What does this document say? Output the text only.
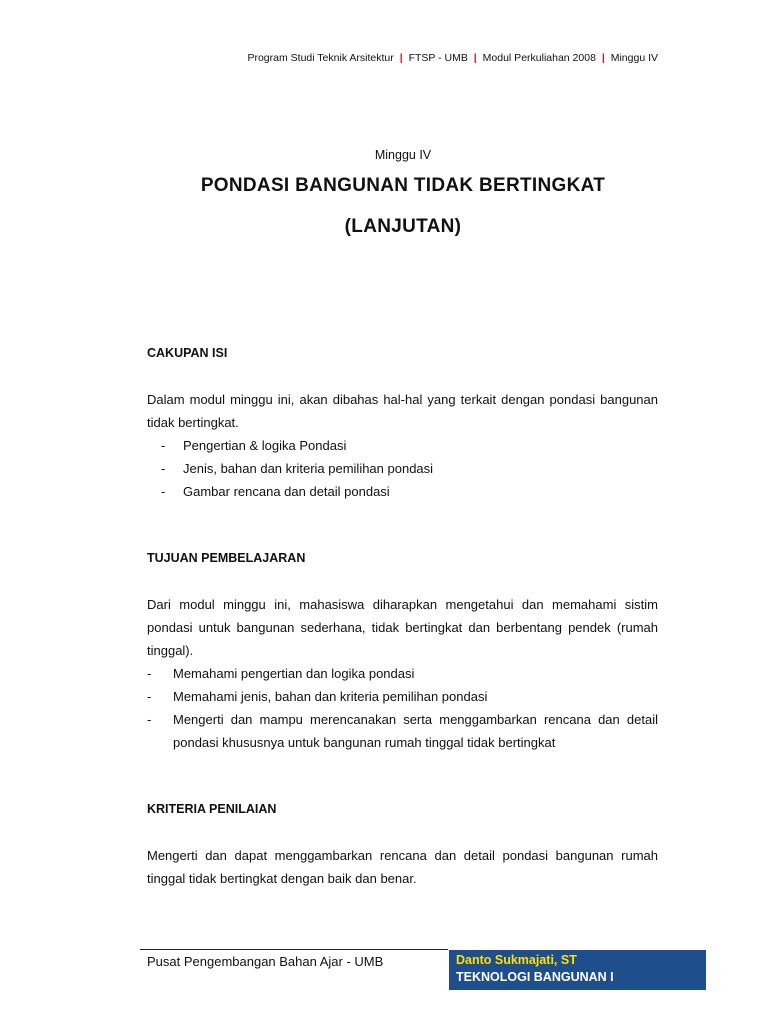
Program Studi Teknik Arsitektur | FTSP - UMB | Modul Perkuliahan 2008 | Minggu IV
Minggu IV
PONDASI BANGUNAN TIDAK BERTINGKAT
(LANJUTAN)
CAKUPAN ISI
Dalam modul minggu ini, akan dibahas hal-hal yang terkait dengan pondasi bangunan tidak bertingkat.
- Pengertian & logika Pondasi
- Jenis, bahan dan kriteria pemilihan pondasi
- Gambar rencana dan detail pondasi
TUJUAN PEMBELAJARAN
Dari modul minggu ini, mahasiswa diharapkan mengetahui dan memahami sistim pondasi untuk bangunan sederhana, tidak bertingkat dan berbentang pendek (rumah tinggal).
- Memahami pengertian dan logika pondasi
- Memahami jenis, bahan dan kriteria pemilihan pondasi
- Mengerti dan mampu merencanakan serta menggambarkan rencana dan detail pondasi khususnya untuk bangunan rumah tinggal tidak bertingkat
KRITERIA PENILAIAN
Mengerti dan dapat menggambarkan rencana dan detail pondasi bangunan rumah tinggal tidak bertingkat dengan baik dan benar.
Pusat Pengembangan Bahan Ajar - UMB	Danto Sukmajati, ST
TEKNOLOGI BANGUNAN I
